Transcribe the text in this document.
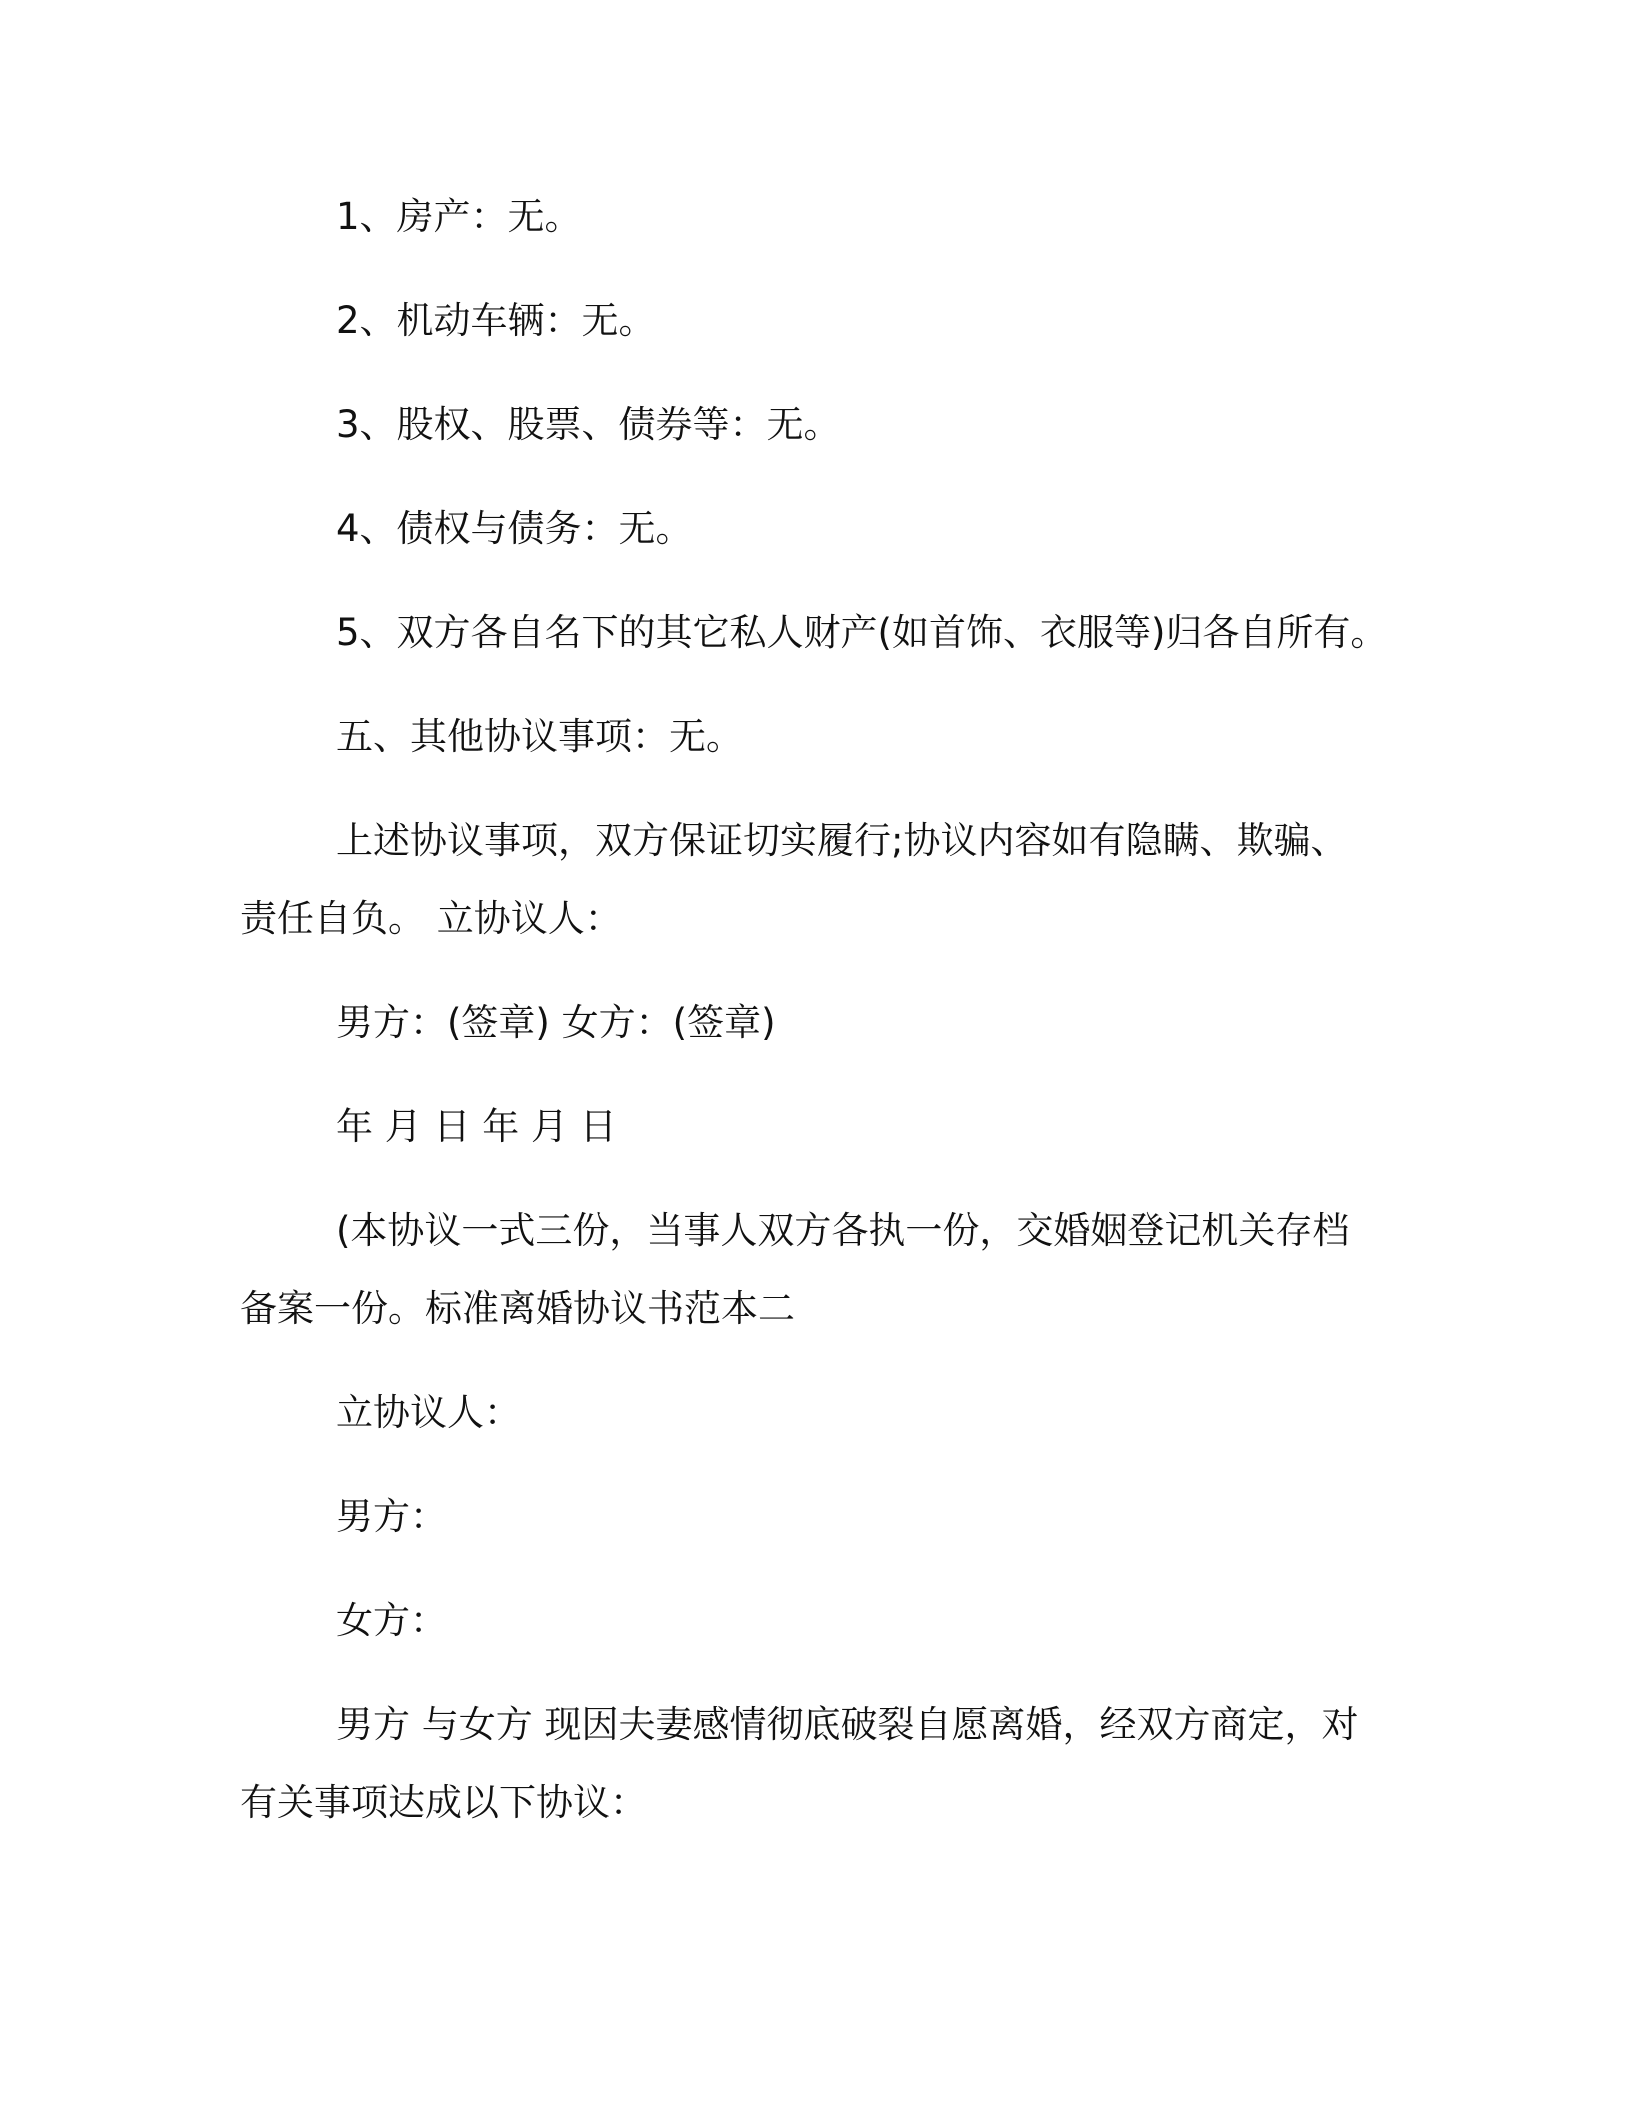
1、房产：无。

2、机动车辆：无。

3、股权、股票、债券等：无。

4、债权与债务：无。

5、双方各自名下的其它私人财产(如首饰、衣服等)归各自所有。

五、其他协议事项：无。

上述协议事项，双方保证切实履行;协议内容如有隐瞒、欺骗、
责任自负。 立协议人：

男方：(签章) 女方：(签章)

年 月 日 年 月 日

(本协议一式三份，当事人双方各执一份，交婚姻登记机关存档
备案一份。标准离婚协议书范本二

立协议人：

男方：

女方：

男方 与女方 现因夫妻感情彻底破裂自愿离婚，经双方商定，对
有关事项达成以下协议：
